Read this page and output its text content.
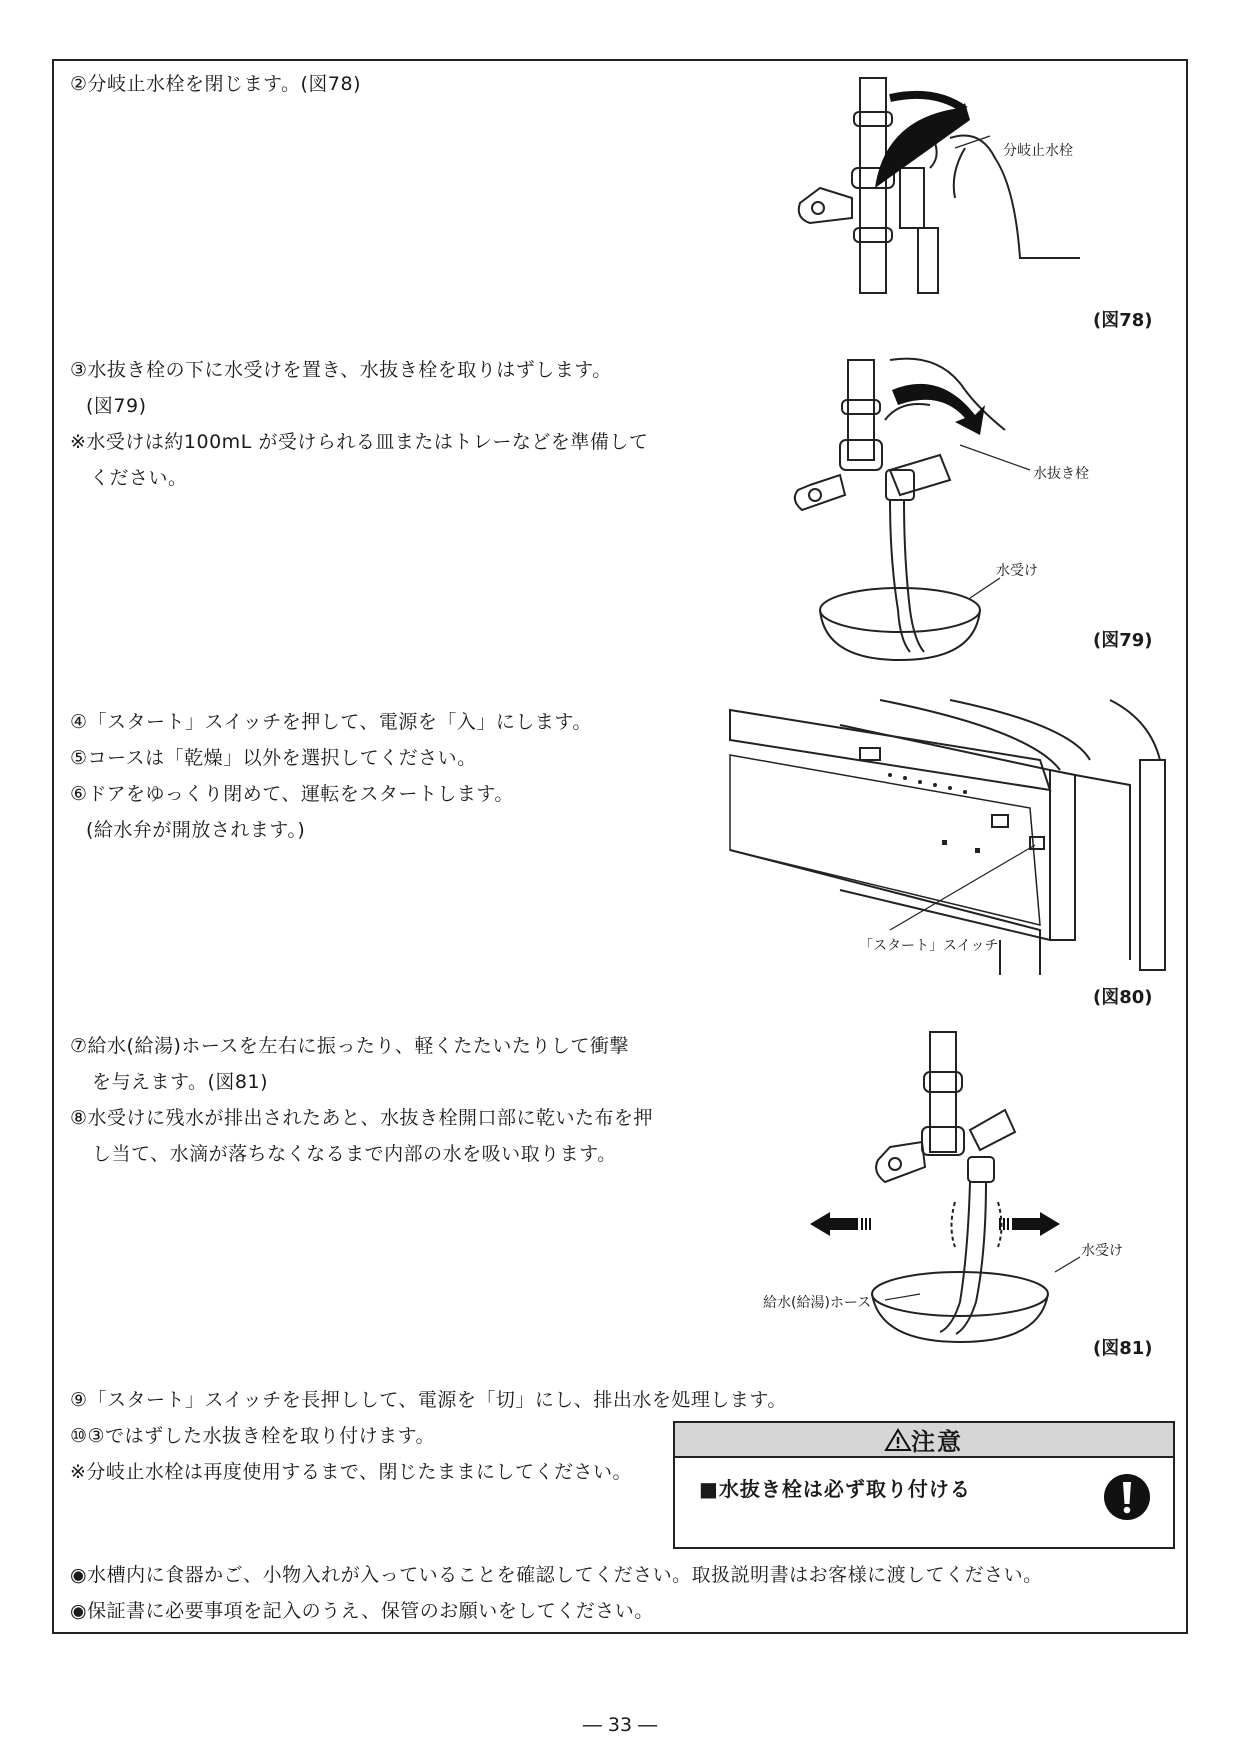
②分岐止水栓を閉じます。(図78)
分岐止水栓
(図78)
③水抜き栓の下に水受けを置き、水抜き栓を取りはずします。
(図79)
※水受けは約100mL が受けられる皿またはトレーなどを準備して
ください。	水抜き栓
水受け
(図79)
④「スタート」スイッチを押して、電源を「入」にします。
⑤コースは「乾燥」以外を選択してください。
⑥ドアをゆっくり閉めて、運転をスタートします。
(給水弁が開放されます。)
「スタート」スイッチ
(図80)
⑦給水(給湯)ホースを左右に振ったり、軽くたたいたりして衝撃
を与えます。(図81)
⑧水受けに残水が排出されたあと、水抜き栓開口部に乾いた布を押
し当て、水滴が落ちなくなるまで内部の水を吸い取ります。
水受け
給水(給湯)ホース
(図81)
⑨「スタート」スイッチを長押しして、電源を「切」にし、排出水を処理します。
⑩③ではずした水抜き栓を取り付けます。
※分岐止水栓は再度使用するまで、閉じたままにしてください。
注意
■水抜き栓は必ず取り付ける
◉水槽内に食器かご、小物入れが入っていることを確認してください。取扱説明書はお客様に渡してください。
◉保証書に必要事項を記入のうえ、保管のお願いをしてください。
― 33 ―
